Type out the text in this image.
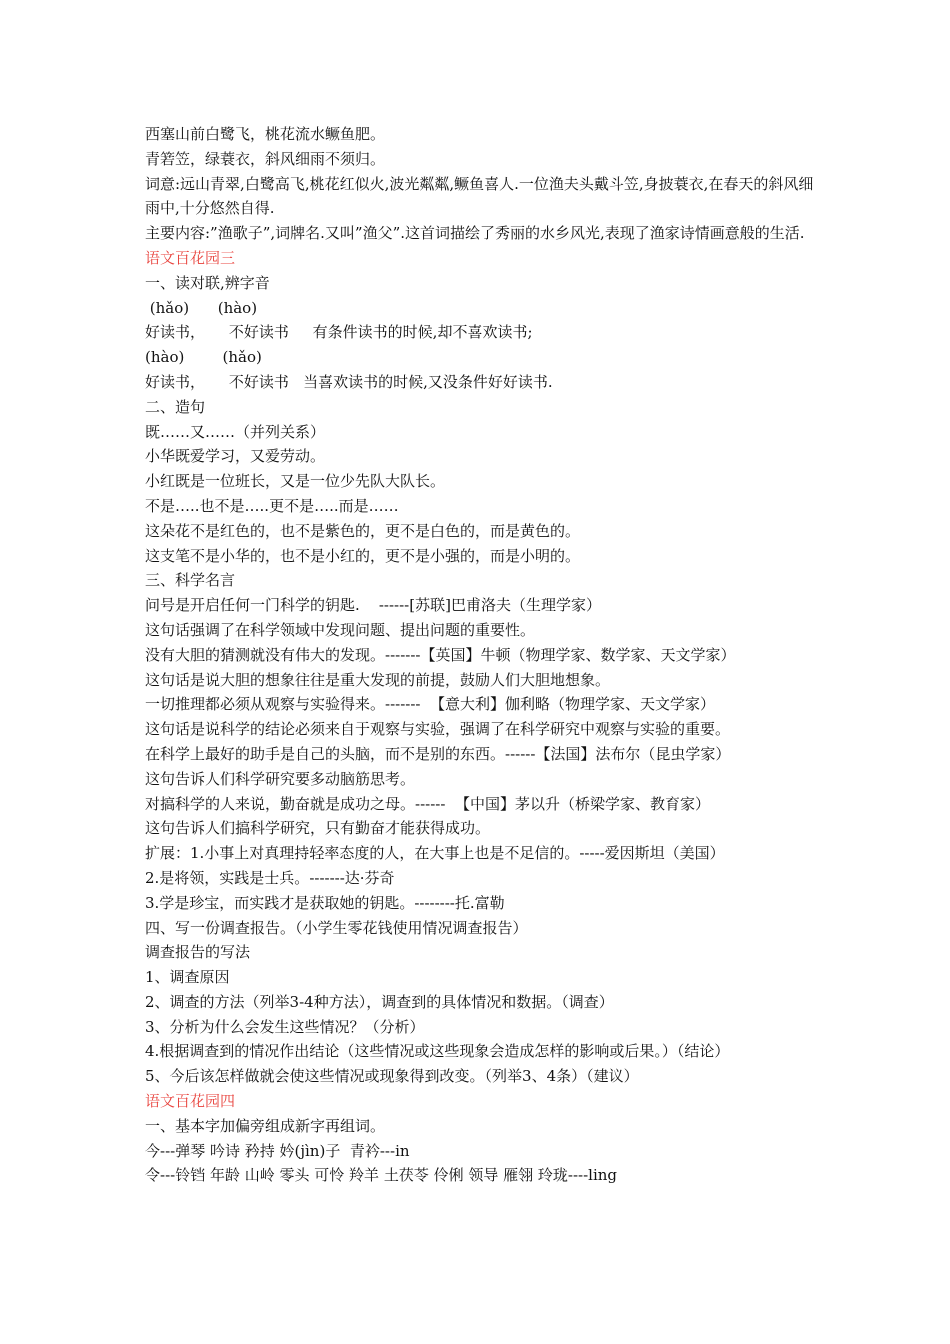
西塞山前白鹭飞，桃花流水鳜鱼肥。
青箬笠，绿蓑衣，斜风细雨不须归。
词意:远山青翠,白鹭高飞,桃花红似火,波光粼粼,鳜鱼喜人.一位渔夫头戴斗笠,身披蓑衣,在春天的斜风细雨中,十分悠然自得.
主要内容:”渔歌子”,词牌名.又叫”渔父”.这首词描绘了秀丽的水乡风光,表现了渔家诗情画意般的生活.
语文百花园三
一、读对联,辨字音
(hǎo)      (hào)
好读书，     不好读书     有条件读书的时候,却不喜欢读书;
(hào)        (hǎo)
好读书，     不好读书   当喜欢读书的时候,又没条件好好读书.
二、造句
既……又……（并列关系）
小华既爱学习，又爱劳动。
小红既是一位班长，又是一位少先队大队长。
不是…..也不是…..更不是…..而是……
这朵花不是红色的，也不是紫色的，更不是白色的，而是黄色的。
这支笔不是小华的，也不是小红的，更不是小强的，而是小明的。
三、科学名言
问号是开启任何一门科学的钥匙.    ------[苏联]巴甫洛夫（生理学家）
这句话强调了在科学领域中发现问题、提出问题的重要性。
没有大胆的猜测就没有伟大的发现。-------【英国】牛顿（物理学家、数学家、天文学家）
这句话是说大胆的想象往往是重大发现的前提，鼓励人们大胆地想象。
一切推理都必须从观察与实验得来。-------  【意大利】伽利略（物理学家、天文学家）
这句话是说科学的结论必须来自于观察与实验，强调了在科学研究中观察与实验的重要。
在科学上最好的助手是自己的头脑，而不是别的东西。------【法国】法布尔（昆虫学家）
这句告诉人们科学研究要多动脑筋思考。
对搞科学的人来说，勤奋就是成功之母。------  【中国】茅以升（桥梁学家、教育家）
这句告诉人们搞科学研究，只有勤奋才能获得成功。
扩展：1.小事上对真理持轻率态度的人，在大事上也是不足信的。-----爱因斯坦（美国）
2.是将领，实践是士兵。-------达·芬奇
3.学是珍宝，而实践才是获取她的钥匙。--------托.富勒
四、写一份调查报告。（小学生零花钱使用情况调查报告）
调查报告的写法
1、调查原因
2、调查的方法（列举3-4种方法），调查到的具体情况和数据。（调查）
3、分析为什么会发生这些情况？（分析）
4.根据调查到的情况作出结论（这些情况或这些现象会造成怎样的影响或后果。）（结论）
5、今后该怎样做就会使这些情况或现象得到改变。（列举3、4条）（建议）
语文百花园四
一、基本字加偏旁组成新字再组词。
今---弹琴 吟诗 矜持 妗(jìn)子  青衿---in
令---铃铛 年龄 山岭 零头 可怜 羚羊 土茯苓 伶俐 领导 雁翎 玲珑----ling
